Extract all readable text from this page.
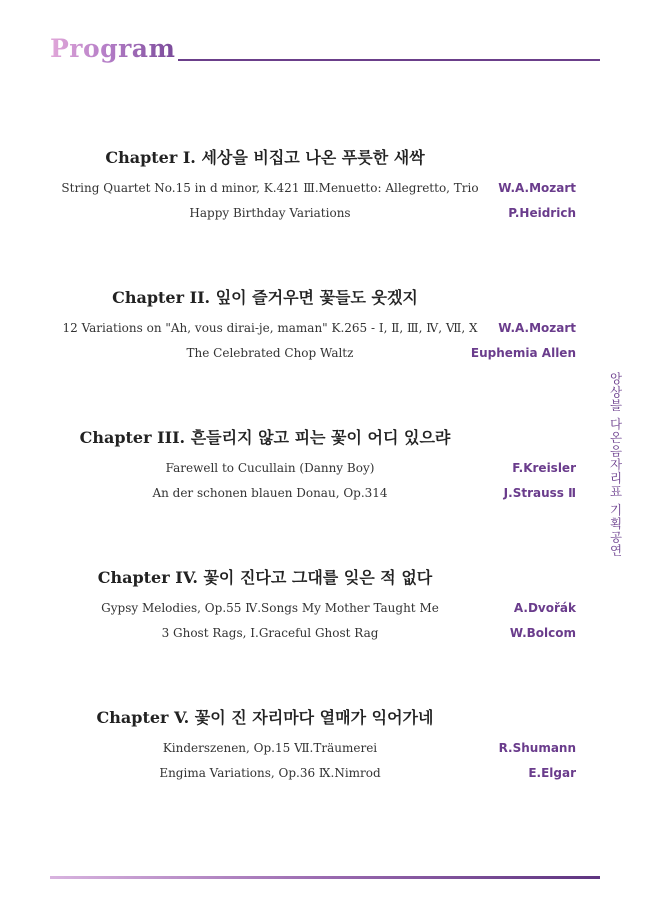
Program
Chapter I. 세상을 비집고 나온 푸릇한 새싹
String Quartet No.15 in d minor, K.421 Ⅲ.Menuetto: Allegretto, Trio	W.A.Mozart
Happy Birthday Variations	P.Heidrich
Chapter II. 잎이 즐거우면 꽃들도 웃겠지
12 Variations on "Ah, vous dirai-je, maman" K.265 - Ⅰ, Ⅱ, Ⅲ, Ⅳ, Ⅶ, Ⅹ	W.A.Mozart
The Celebrated Chop Waltz	Euphemia Allen
Chapter III. 흔들리지 않고 피는 꽃이 어디 있으랴
Farewell to Cucullain (Danny Boy)	F.Kreisler
An der schonen blauen Donau, Op.314	J.Strauss Ⅱ
Chapter IV. 꽃이 진다고 그대를 잊은 적 없다
Gypsy Melodies, Op.55 Ⅳ.Songs My Mother Taught Me	A.Dvořák
3 Ghost Rags, Ⅰ.Graceful Ghost Rag	W.Bolcom
Chapter V. 꽃이 진 자리마다 열매가 익어가네
Kinderszenen, Op.15 Ⅶ.Träumerei	R.Shumann
Engima Variations, Op.36 Ⅸ.Nimrod	E.Elgar
앙상블 다온음자리표 기획공연
